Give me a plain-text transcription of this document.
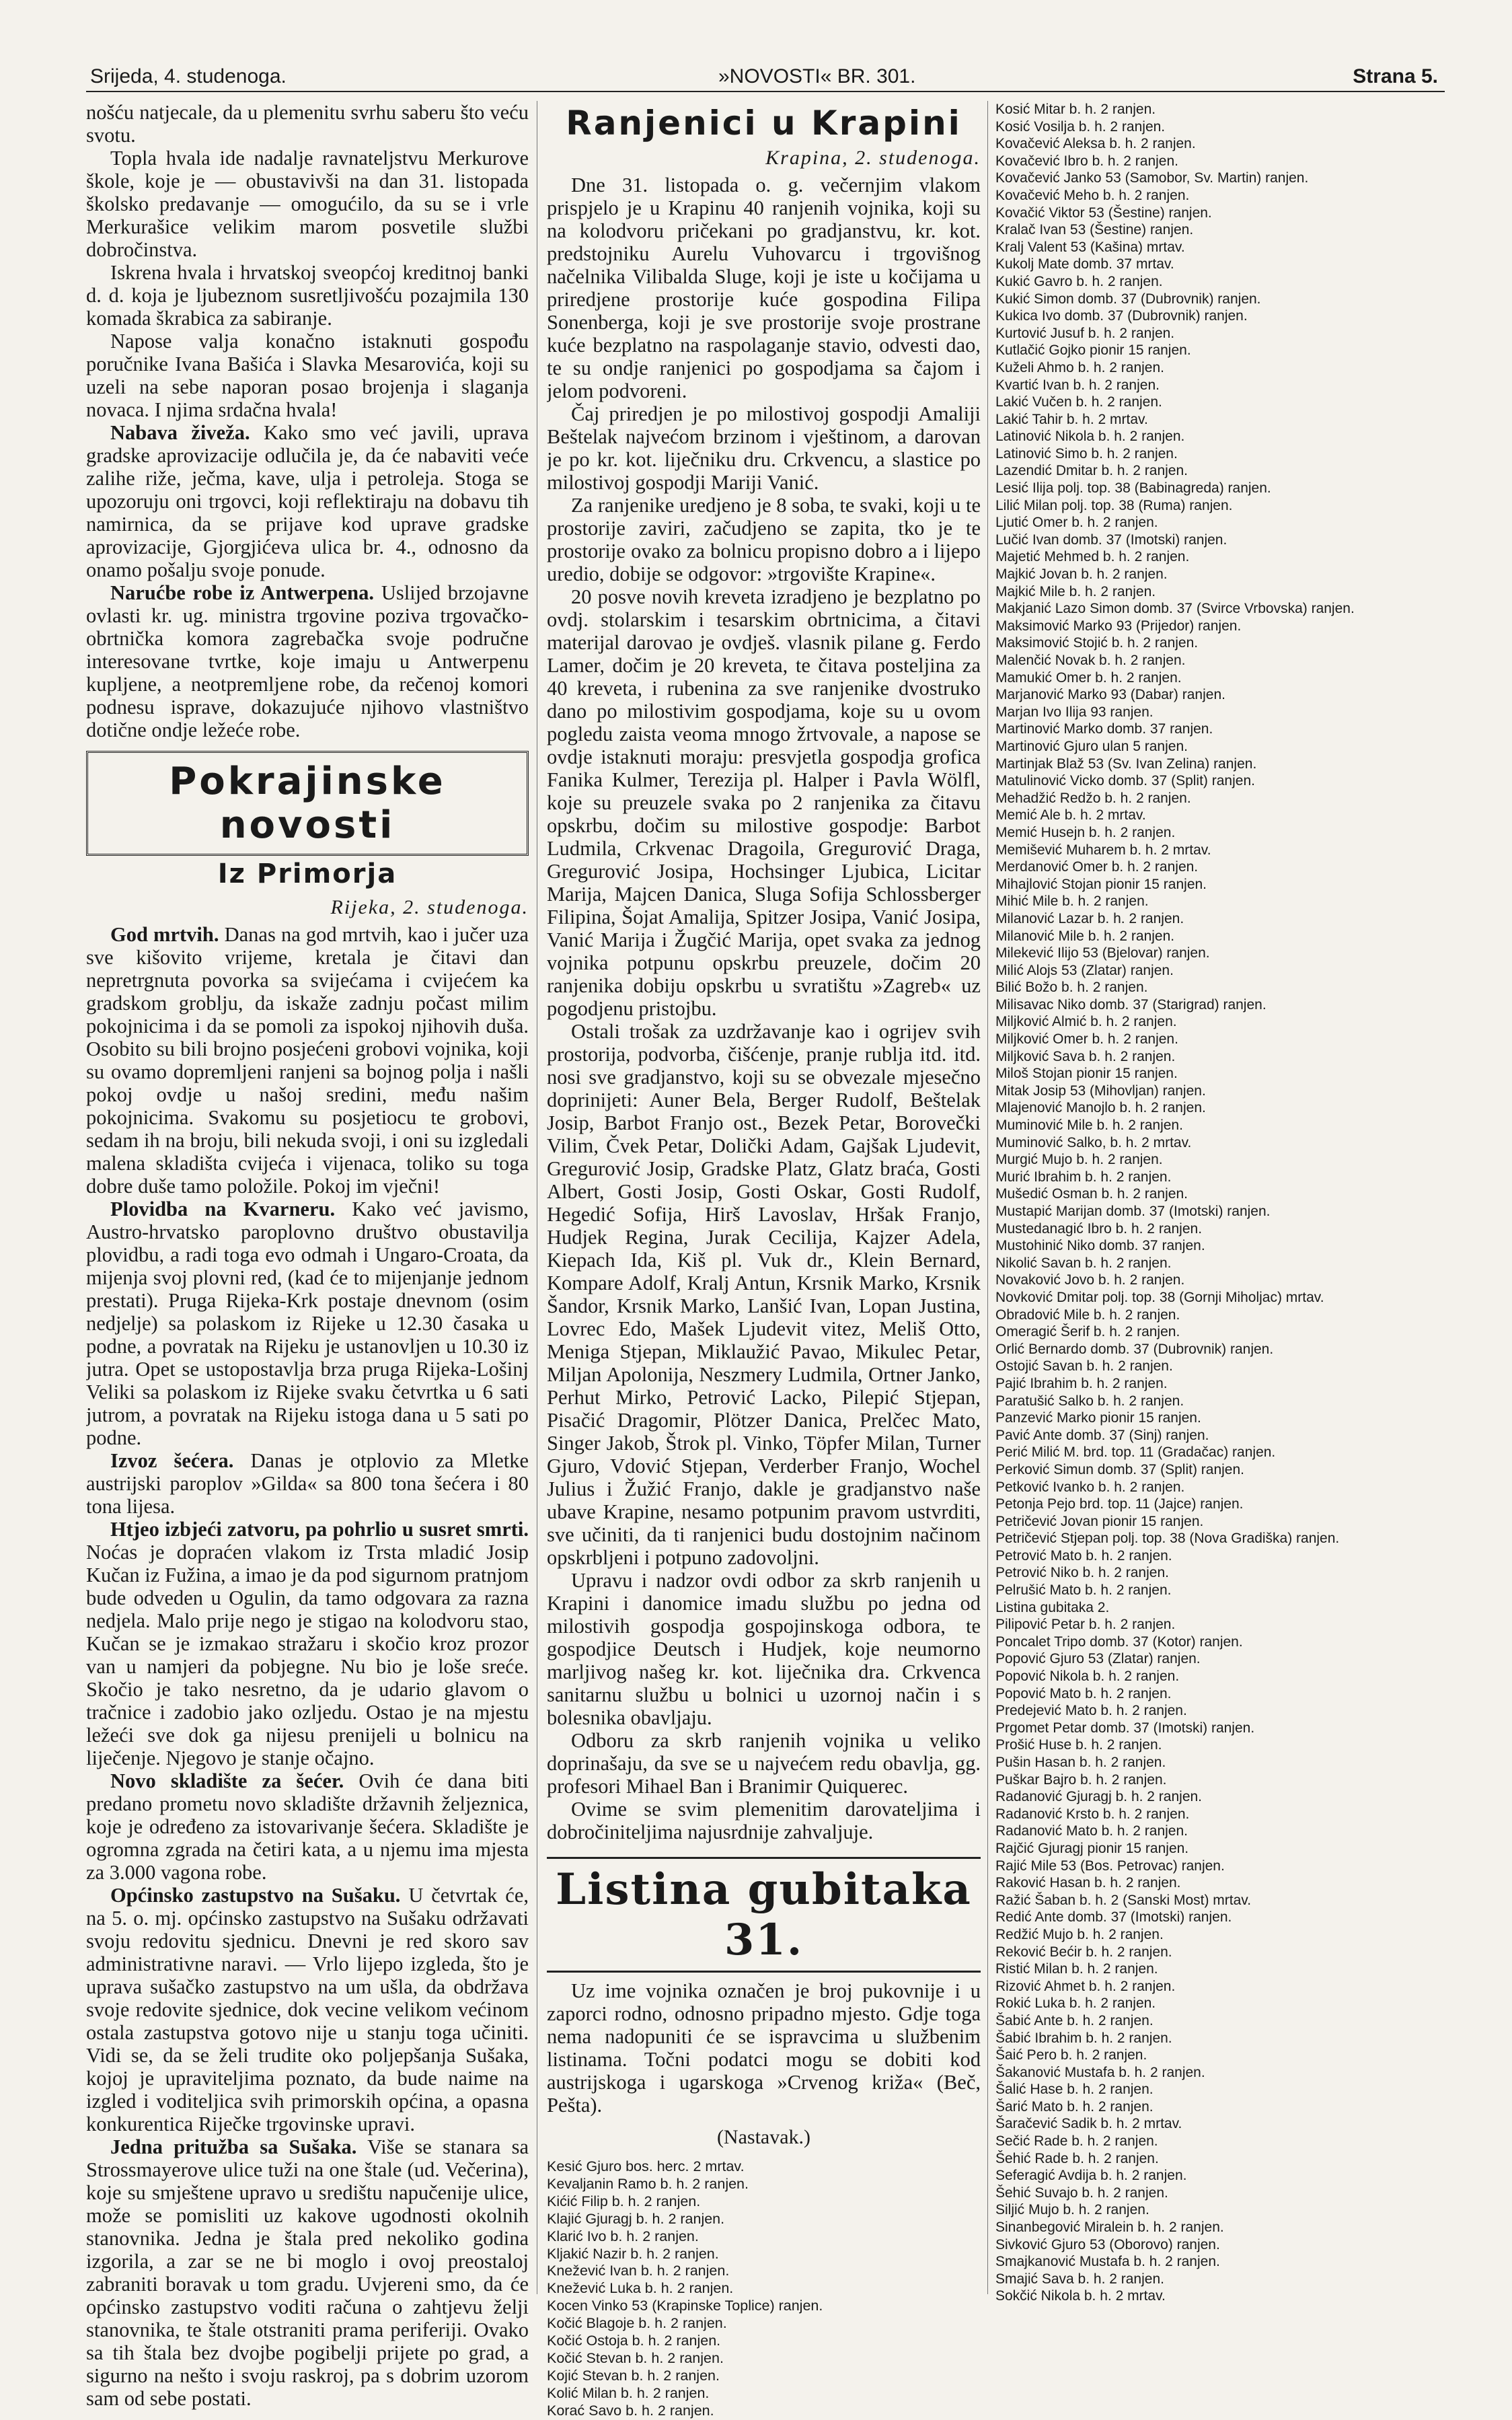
Srijeda, 4. studenoga.	»NOVOSTI« BR. 301.	Strana 5.

nošću natjecale, da u plemenitu svrhu saberu što veću svotu.

Topla hvala ide nadalje ravnateljstvu Merkurove škole, koje je — obustavivši na dan 31. listopada školsko predavanje — omogućilo, da su se i vrle Merkurašice velikim marom posvetile službi dobročinstva.

Iskrena hvala i hrvatskoj sveopćoj kreditnoj banki d. d. koja je ljubeznom susretljivošću pozajmila 130 komada škrabica za sabiranje.

Napose valja konačno istaknuti gospođu poručnike Ivana Bašića i Slavka Mesarovića, koji su uzeli na sebe naporan posao brojenja i slaganja novaca. I njima srdačna hvala!

Nabava živeža. Kako smo već javili, uprava gradske aprovizacije odlučila je, da će nabaviti veće zalihe riže, ječma, kave, ulja i petroleja. Stoga se upozoruju oni trgovci, koji reflektiraju na dobavu tih namirnica, da se prijave kod uprave gradske aprovizacije, Gjorgjićeva ulica br. 4., odnosno da onamo pošalju svoje ponude.

Narućbe robe iz Antwerpena. Uslijed brzojavne ovlasti kr. ug. ministra trgovine poziva trgovačko-obrtnička komora zagrebačka svoje područne interesovane tvrtke, koje imaju u Antwerpenu kupljene, a neotpremljene robe, da rečenoj komori podnesu isprave, dokazujuće njihovo vlastništvo dotične ondje ležeće robe.

Pokrajinske novosti
Iz Primorja
Rijeka, 2. studenoga.

God mrtvih. Danas na god mrtvih, kao i jučer uza sve kišovito vrijeme, kretala je čitavi dan nepretrgnuta povorka sa svijećama i cvijećem ka gradskom groblju, da iskaže zadnju počast milim pokojnicima i da se pomoli za ispokoj njihovih duša. Osobito su bili brojno posjećeni grobovi vojnika, koji su ovamo dopremljeni ranjeni sa bojnog polja i našli pokoj ovdje u našoj sredini, među našim pokojnicima. Svakomu su posjetiocu te grobovi, sedam ih na broju, bili nekuda svoji, i oni su izgledali malena skladišta cvijeća i vijenaca, toliko su toga dobre duše tamo položile. Pokoj im vječni!

Plovidba na Kvarneru. Kako već javismo, Austro-hrvatsko paroplovno društvo obustavilja plovidbu, a radi toga evo odmah i Ungaro-Croata, da mijenja svoj plovni red, (kad će to mijenjanje jednom prestati). Pruga Rijeka-Krk postaje dnevnom (osim nedjelje) sa polaskom iz Rijeke u 12.30 časaka u podne, a povratak na Rijeku je ustanovljen u 10.30 iz jutra. Opet se ustopostavlja brza pruga Rijeka-Lošinj Veliki sa polaskom iz Rijeke svaku četvrtka u 6 sati jutrom, a povratak na Rijeku istoga dana u 5 sati po podne.

Izvoz šećera. Danas je otplovio za Mletke austrijski paroplov »Gilda« sa 800 tona šećera i 80 tona lijesa.

Htjeo izbjeći zatvoru, pa pohrlio u susret smrti. Noćas je dopraćen vlakom iz Trsta mladić Josip Kučan iz Fužina, a imao je da pod sigurnom pratnjom bude odveden u Ogulin, da tamo odgovara za razna nedjela. Malo prije nego je stigao na kolodvoru stao, Kučan se je izmakao stražaru i skočio kroz prozor van u namjeri da pobjegne. Nu bio je loše sreće. Skočio je tako nesretno, da je udario glavom o tračnice i zadobio jako ozljedu. Ostao je na mjestu ležeći sve dok ga nijesu prenijeli u bolnicu na liječenje. Njegovo je stanje očajno.

Novo skladište za šećer. Ovih će dana biti predano prometu novo skladište državnih željeznica, koje je određeno za istovarivanje šećera. Skladište je ogromna zgrada na četiri kata, a u njemu ima mjesta za 3.000 vagona robe.

Općinsko zastupstvo na Sušaku. U četvrtak će, na 5. o. mj. općinsko zastupstvo na Sušaku održavati svoju redovitu sjednicu. Dnevni je red skoro sav administrativne naravi. — Vrlo lijepo izgleda, što je uprava sušačko zastupstvo na um ušla, da obdržava svoje redovite sjednice, dok vecine velikom većinom ostala zastupstva gotovo nije u stanju toga učiniti. Vidi se, da se želi trudite oko poljepšanja Sušaka, kojoj je upraviteljima poznato, da bude naime na izgled i voditeljica svih primorskih općina, a opasna konkurentica Riječke trgovinske upravi.

Jedna pritužba sa Sušaka. Više se stanara sa Strossmayerove ulice tuži na one štale (ud. Večerina), koje su smještene upravo u središtu napučenije ulice, može se pomisliti uz kakove ugodnosti okolnih stanovnika. Jedna je štala pred nekoliko godina izgorila, a zar se ne bi moglo i ovoj preostaloj zabraniti boravak u tom gradu. Uvjereni smo, da će općinsko zastupstvo voditi računa o zahtjevu želji stanovnika, te štale otstraniti prama periferiji. Ovako sa tih štala bez dvojbe pogibelji prijete po grad, a sigurno na nešto i svoju raskroj, pa s dobrim uzorom sam od sebe postati.

Ranjenici u Krapini
Krapina, 2. studenoga.

Dne 31. listopada o. g. večernjim vlakom prispjelo je u Krapinu 40 ranjenih vojnika, koji su na kolodvoru pričekani po gradjanstvu, kr. kot. predstojniku Aurelu Vuhovarcu i trgovišnog načelnika Vilibalda Sluge, koji je iste u kočijama u priredjene prostorije kuće gospodina Filipa Sonenberga, koji je sve prostorije svoje prostrane kuće bezplatno na raspolaganje stavio, odvesti dao, te su ondje ranjenici po gospodjama sa čajom i jelom podvoreni.

Čaj priredjen je po milostivoj gospodji Amaliji Beštelak najvećom brzinom i vještinom, a darovan je po kr. kot. liječniku dru. Crkvencu, a slastice po milostivoj gospodji Mariji Vanić.

Za ranjenike uredjeno je 8 soba, te svaki, koji u te prostorije zaviri, začudjeno se zapita, tko je te prostorije ovako za bolnicu propisno dobro a i lijepo uredio, dobije se odgovor: »trgovište Krapine«.

20 posve novih kreveta izradjeno je bezplatno po ovdj. stolarskim i tesarskim obrtnicima, a čitavi materijal darovao je ovdješ. vlasnik pilane g. Ferdo Lamer, dočim je 20 kreveta, te čitava posteljina za 40 kreveta, i rubenina za sve ranjenike dvostruko dano po milostivim gospodjama, koje su u ovom pogledu zaista veoma mnogo žrtvovale, a napose se ovdje istaknuti moraju: presvjetla gospodja grofica Fanika Kulmer, Terezija pl. Halper i Pavla Wölfl, koje su preuzele svaka po 2 ranjenika za čitavu opskrbu, dočim su milostive gospodje: Barbot Ludmila, Crkvenac Dragoila, Gregurović Draga, Gregurović Josipa, Hochsinger Ljubica, Licitar Marija, Majcen Danica, Sluga Sofija Schlossberger Filipina, Šojat Amalija, Spitzer Josipa, Vanić Josipa, Vanić Marija i Žugčić Marija, opet svaka za jednog vojnika potpunu opskrbu preuzele, dočim 20 ranjenika dobiju opskrbu u svratištu »Zagreb« uz pogodjenu pristojbu.

Ostali trošak za uzdržavanje kao i ogrijev svih prostorija, podvorba, čišćenje, pranje rublja itd. itd. nosi sve gradjanstvo, koji su se obvezale mjesečno doprinijeti: Auner Bela, Berger Rudolf, Beštelak Josip, Barbot Franjo ost., Bezek Petar, Borovečki Vilim, Čvek Petar, Dolički Adam, Gajšak Ljudevit, Gregurović Josip, Gradske Platz, Glatz braća, Gosti Albert, Gosti Josip, Gosti Oskar, Gosti Rudolf, Hegedić Sofija, Hirš Lavoslav, Hršak Franjo, Hudjek Regina, Jurak Cecilija, Kajzer Adela, Kiepach Ida, Kiš pl. Vuk dr., Klein Bernard, Kompare Adolf, Kralj Antun, Krsnik Marko, Krsnik Šandor, Krsnik Marko, Lanšić Ivan, Lopan Justina, Lovrec Edo, Mašek Ljudevit vitez, Meliš Otto, Meniga Stjepan, Miklaužić Pavao, Mikulec Petar, Miljan Apolonija, Neszmery Ludmila, Ortner Janko, Perhut Mirko, Petrović Lacko, Pilepić Stjepan, Pisačić Dragomir, Plötzer Danica, Prelčec Mato, Singer Jakob, Štrok pl. Vinko, Töpfer Milan, Turner Gjuro, Vdović Stjepan, Verderber Franjo, Wochel Julius i Žužić Franjo, dakle je gradjanstvo naše ubave Krapine, nesamo potpunim pravom ustvrditi, sve učiniti, da ti ranjenici budu dostojnim načinom opskrbljeni i potpuno zadovoljni.

Upravu i nadzor ovdi odbor za skrb ranjenih u Krapini i danomice imadu službu po jedna od milostivih gospodja gospojinskoga odbora, te gospodjice Deutsch i Hudjek, koje neumorno marljivog našeg kr. kot. liječnika dra. Crkvenca sanitarnu službu u bolnici u uzornoj način i s bolesnika obavljaju.

Odboru za skrb ranjenih vojnika u veliko doprinašaju, da sve se u najvećem redu obavlja, gg. profesori Mihael Ban i Branimir Quiquerec.

Ovime se svim plemenitim darovateljima i dobročiniteljima najusrdnije zahvaljuje.

Listina gubitaka 31.

Uz ime vojnika označen je broj pukovnije i u zaporci rodno, odnosno pripadno mjesto. Gdje toga nema nadopuniti će se ispravcima u službenim listinama. Točni podatci mogu se dobiti kod austrijskoga i ugarskoga »Crvenog križa« (Beč, Pešta).

(Nastavak.)
Kesić Gjuro bos. herc. 2 mrtav.
Kevaljanin Ramo b. h. 2 ranjen.
Kićić Filip b. h. 2 ranjen.
Klajić Gjuragj b. h. 2 ranjen.
Klarić Ivo b. h. 2 ranjen.
Kljakić Nazir b. h. 2 ranjen.
Knežević Ivan b. h. 2 ranjen.
Knežević Luka b. h. 2 ranjen.
Kocen Vinko 53 (Krapinske Toplice) ranjen.
Kočić Blagoje b. h. 2 ranjen.
Kočić Ostoja b. h. 2 ranjen.
Kočić Stevan b. h. 2 ranjen.
Kojić Stevan b. h. 2 ranjen.
Kolić Milan b. h. 2 ranjen.
Korać Savo b. h. 2 ranjen.
Kosić Mitar b. h. 2 ranjen.
Kosić Vosilja b. h. 2 ranjen.
Kovačević Aleksa b. h. 2 ranjen.
Kovačević Ibro b. h. 2 ranjen.
Kovačević Janko 53 (Samobor, Sv. Martin) ranjen.
Kovačević Meho b. h. 2 ranjen.
Kovačić Viktor 53 (Šestine) ranjen.
Kralač Ivan 53 (Šestine) ranjen.
Kralj Valent 53 (Kašina) mrtav.
Kukolj Mate domb. 37 mrtav.
Kukić Gavro b. h. 2 ranjen.
Kukić Simon domb. 37 (Dubrovnik) ranjen.
Kukica Ivo domb. 37 (Dubrovnik) ranjen.
Kurtović Jusuf b. h. 2 ranjen.
Kutlačić Gojko pionir 15 ranjen.
Kuželi Ahmo b. h. 2 ranjen.
Kvartić Ivan b. h. 2 ranjen.
Lakić Vučen b. h. 2 ranjen.
Lakić Tahir b. h. 2 mrtav.
Latinović Nikola b. h. 2 ranjen.
Latinović Simo b. h. 2 ranjen.
Lazendić Dmitar b. h. 2 ranjen.
Lesić Ilija polj. top. 38 (Babinagreda) ranjen.
Lilić Milan polj. top. 38 (Ruma) ranjen.
Ljutić Omer b. h. 2 ranjen.
Lučić Ivan domb. 37 (Imotski) ranjen.
Majetić Mehmed b. h. 2 ranjen.
Majkić Jovan b. h. 2 ranjen.
Majkić Mile b. h. 2 ranjen.
Makjanić Lazo Simon domb. 37 (Svirce Vrbovska) ranjen.
Maksimović Marko 93 (Prijedor) ranjen.
Maksimović Stojić b. h. 2 ranjen.
Malenčić Novak b. h. 2 ranjen.
Mamukić Omer b. h. 2 ranjen.
Marjanović Marko 93 (Dabar) ranjen.
Marjan Ivo Ilija 93 ranjen.
Martinović Marko domb. 37 ranjen.
Martinović Gjuro ulan 5 ranjen.
Martinjak Blaž 53 (Sv. Ivan Zelina) ranjen.
Matulinović Vicko domb. 37 (Split) ranjen.
Mehadžić Redžo b. h. 2 ranjen.
Memić Ale b. h. 2 mrtav.
Memić Husejn b. h. 2 ranjen.
Memišević Muharem b. h. 2 mrtav.
Merdanović Omer b. h. 2 ranjen.
Mihajlović Stojan pionir 15 ranjen.
Mihić Mile b. h. 2 ranjen.
Milanović Lazar b. h. 2 ranjen.
Milanović Mile b. h. 2 ranjen.
Milekević Ilijo 53 (Bjelovar) ranjen.
Milić Alojs 53 (Zlatar) ranjen.
Bilić Božo b. h. 2 ranjen.
Milisavac Niko domb. 37 (Starigrad) ranjen.
Miljković Almić b. h. 2 ranjen.
Miljković Omer b. h. 2 ranjen.
Miljković Sava b. h. 2 ranjen.
Miloš Stojan pionir 15 ranjen.
Mitak Josip 53 (Mihovljan) ranjen.
Mlajenović Manojlo b. h. 2 ranjen.
Muminović Mile b. h. 2 ranjen.
Muminović Salko, b. h. 2 mrtav.
Murgić Mujo b. h. 2 ranjen.
Murić Ibrahim b. h. 2 ranjen.
Mušedić Osman b. h. 2 ranjen.
Mustapić Marijan domb. 37 (Imotski) ranjen.
Mustedanagić Ibro b. h. 2 ranjen.
Mustohinić Niko domb. 37 ranjen.
Nikolić Savan b. h. 2 ranjen.
Novaković Jovo b. h. 2 ranjen.
Novković Dmitar polj. top. 38 (Gornji Miholjac) mrtav.
Obradović Mile b. h. 2 ranjen.
Omeragić Šerif b. h. 2 ranjen.
Orlić Bernardo domb. 37 (Dubrovnik) ranjen.
Ostojić Savan b. h. 2 ranjen.
Pajić Ibrahim b. h. 2 ranjen.
Paratušić Salko b. h. 2 ranjen.
Panzević Marko pionir 15 ranjen.
Pavić Ante domb. 37 (Sinj) ranjen.
Perić Milić M. brd. top. 11 (Gradačac) ranjen.
Perković Simun domb. 37 (Split) ranjen.
Petković Ivanko b. h. 2 ranjen.
Petonja Pejo brd. top. 11 (Jajce) ranjen.
Petričević Jovan pionir 15 ranjen.
Petričević Stjepan polj. top. 38 (Nova Gradiška) ranjen.
Petrović Mato b. h. 2 ranjen.
Petrović Niko b. h. 2 ranjen.
Pelrušić Mato b. h. 2 ranjen.
Listina gubitaka 2.
Pilipović Petar b. h. 2 ranjen.
Poncalet Tripo domb. 37 (Kotor) ranjen.
Popović Gjuro 53 (Zlatar) ranjen.
Popović Nikola b. h. 2 ranjen.
Popović Mato b. h. 2 ranjen.
Predejević Mato b. h. 2 ranjen.
Prgomet Petar domb. 37 (Imotski) ranjen.
Prošić Huse b. h. 2 ranjen.
Pušin Hasan b. h. 2 ranjen.
Puškar Bajro b. h. 2 ranjen.
Radanović Gjuragj b. h. 2 ranjen.
Radanović Krsto b. h. 2 ranjen.
Radanović Mato b. h. 2 ranjen.
Rajčić Gjuragj pionir 15 ranjen.
Rajić Mile 53 (Bos. Petrovac) ranjen.
Raković Hasan b. h. 2 ranjen.
Ražić Šaban b. h. 2 (Sanski Most) mrtav.
Redić Ante domb. 37 (Imotski) ranjen.
Redžić Mujo b. h. 2 ranjen.
Reković Bećir b. h. 2 ranjen.
Ristić Milan b. h. 2 ranjen.
Rizović Ahmet b. h. 2 ranjen.
Rokić Luka b. h. 2 ranjen.
Šabić Ante b. h. 2 ranjen.
Šabić Ibrahim b. h. 2 ranjen.
Šaić Pero b. h. 2 ranjen.
Šakanović Mustafa b. h. 2 ranjen.
Šalić Hase b. h. 2 ranjen.
Šarić Mato b. h. 2 ranjen.
Šaračević Sadik b. h. 2 mrtav.
Sečić Rade b. h. 2 ranjen.
Šehić Rade b. h. 2 ranjen.
Seferagić Avdija b. h. 2 ranjen.
Šehić Suvajo b. h. 2 ranjen.
Siljić Mujo b. h. 2 ranjen.
Sinanbegović Miralein b. h. 2 ranjen.
Sivković Gjuro 53 (Oborovo) ranjen.
Smajkanović Mustafa b. h. 2 ranjen.
Smajić Sava b. h. 2 ranjen.
Sokčić Nikola b. h. 2 mrtav.
